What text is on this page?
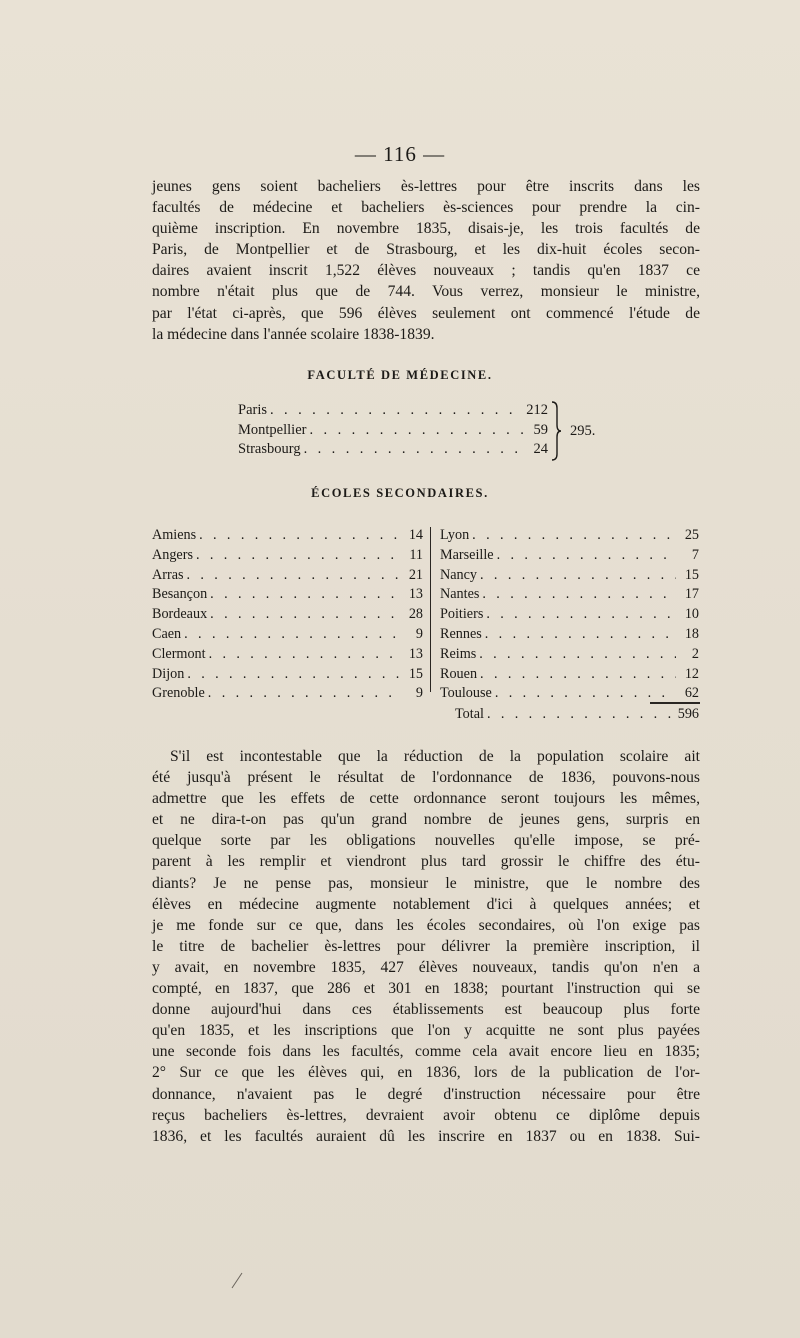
— 116 —
jeunes gens soient bacheliers ès-lettres pour être inscrits dans les
facultés de médecine et bacheliers ès-sciences pour prendre la cin-
quième inscription. En novembre 1835, disais-je, les trois facultés de
Paris, de Montpellier et de Strasbourg, et les dix-huit écoles secon-
daires avaient inscrit 1,522 élèves nouveaux ; tandis qu'en 1837 ce
nombre n'était plus que de 744. Vous verrez, monsieur le ministre,
par l'état ci-après, que 596 élèves seulement ont commencé l'étude de
la médecine dans l'année scolaire 1838-1839.
FACULTÉ DE MÉDECINE.
Paris . . .	212
Montpellier . . .	59
Strasbourg . . .	24
295.
ÉCOLES SECONDAIRES.
Amiens . . .	14
Angers . . .	11
Arras . . .	21
Besançon . . .	13
Bordeaux . . .	28
Caen . . .	9
Clermont . . .	13
Dijon . . .	15
Grenoble . . .	9
Lyon . . .	25
Marseille . . .	7
Nancy . . .	15
Nantes . . .	17
Poitiers . . .	10
Rennes . . .	18
Reims . . .	2
Rouen . . .	12
Toulouse . . .	62
Total . . .	596
S'il est incontestable que la réduction de la population scolaire ait
été jusqu'à présent le résultat de l'ordonnance de 1836, pouvons-nous
admettre que les effets de cette ordonnance seront toujours les mêmes,
et ne dira-t-on pas qu'un grand nombre de jeunes gens, surpris en
quelque sorte par les obligations nouvelles qu'elle impose, se pré-
parent à les remplir et viendront plus tard grossir le chiffre des étu-
diants? Je ne pense pas, monsieur le ministre, que le nombre des
élèves en médecine augmente notablement d'ici à quelques années; et
je me fonde sur ce que, dans les écoles secondaires, où l'on exige pas
le titre de bachelier ès-lettres pour délivrer la première inscription, il
y avait, en novembre 1835, 427 élèves nouveaux, tandis qu'on n'en a
compté, en 1837, que 286 et 301 en 1838; pourtant l'instruction qui se
donne aujourd'hui dans ces établissements est beaucoup plus forte
qu'en 1835, et les inscriptions que l'on y acquitte ne sont plus payées
une seconde fois dans les facultés, comme cela avait encore lieu en 1835;
2° Sur ce que les élèves qui, en 1836, lors de la publication de l'or-
donnance, n'avaient pas le degré d'instruction nécessaire pour être
reçus bacheliers ès-lettres, devraient avoir obtenu ce diplôme depuis
1836, et les facultés auraient dû les inscrire en 1837 ou en 1838. Sui-
